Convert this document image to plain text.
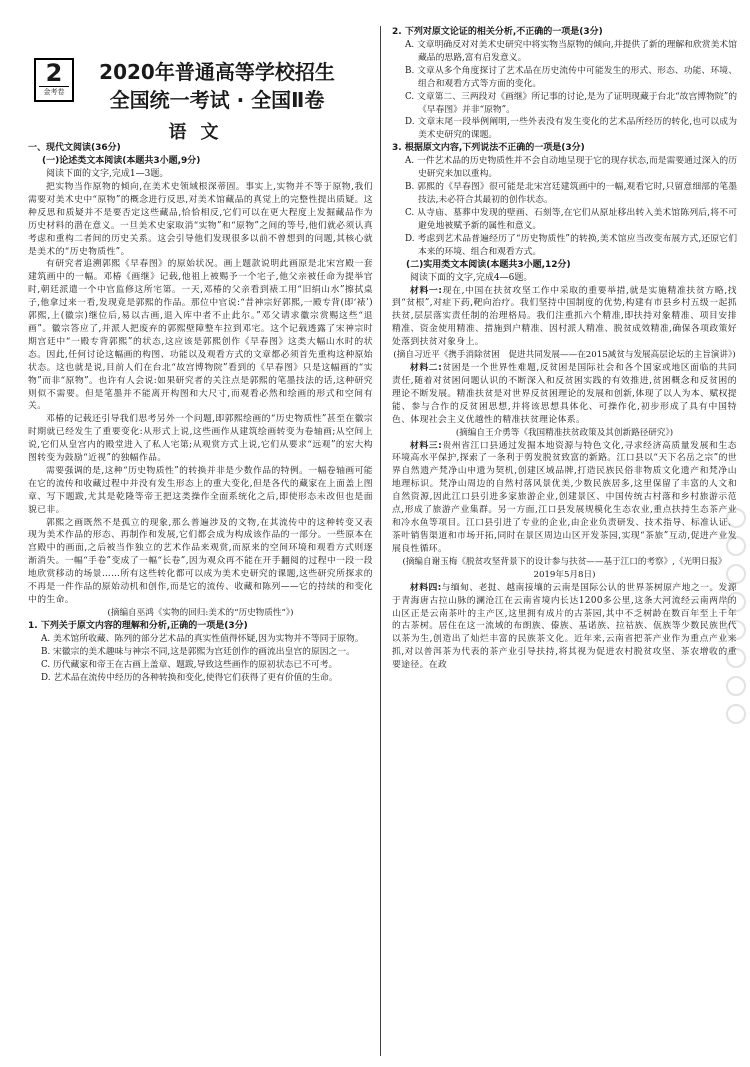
2
金考卷
2020年普通高等学校招生
全国统一考试 · 全国Ⅱ卷
语文
一、现代文阅读(36分)
(一)论述类文本阅读(本题共3小题,9分)
阅读下面的文字,完成1—3题。

把实物当作原物的倾向,在美术史领域根深蒂固。事实上,实物并不等于原物,我们需要对美术史中“原物”的概念进行反思,对美术馆藏品的真觉上的完整性提出质疑。这种反思和质疑并不是要否定这些藏品,恰恰相反,它们可以在更大程度上发掘藏品作为历史材料的潜在意义。一旦美术史家取消“实物”和“原物”之间的等号,他们就必须认真考虑和重构二者间的历史关系。这会引导他们发现很多以前不曾想到的问题,其核心就是美术的“历史物质性”。

有研究者追溯郭熙《早春图》的原始状况。画上题款说明此画原是北宋宫殿一套建筑画中的一幅。邓椿《画继》记载,他祖上被赐予一个宅子,他父亲被任命为提举官时,朝廷派遣一个中官监修这所宅第。一天,邓椿的父亲看到裱工用“旧绢山水”擦拭桌子,他拿过来一看,发现竟是郭熙的作品。那位中官说:“昔神宗好郭熙,一殿专背(即‘裱’)郭熙,上(徽宗)继位后,易以古画,退入库中者不止此尔。”邓父请求徽宗赏赐这些“退画”。徽宗答应了,并派人把废弃的郭熙壁障整车拉到邓宅。这个记载透露了宋神宗时期宫廷中“一殿专背郭熙”的状态,这应该是郭熙创作《早春图》这类大幅山水时的状态。因此,任何讨论这幅画的构图、功能以及观看方式的文章都必须首先重构这种原始状态。这也就是说,目前人们在台北“故宫博物院”看到的《早春图》只是这幅画的“实物”而非“原物”。也许有人会说:如果研究者的关注点是郭熙的笔墨技法的话,这种研究则似不需要。但是笔墨并不能离开构图和大尺寸,而观看必然和绘画的形式和空间有关。

邓椿的记载还引导我们思考另外一个问题,即郭熙绘画的“历史物质性”甚至在徽宗时期就已经发生了重要变化:从形式上说,这些画作从建筑绘画转变为卷轴画;从空间上说,它们从皇宫内的殿堂进入了私人宅第;从观赏方式上说,它们从要求“远观”的宏大构图转变为鼓励“近视”的独幅作品。

需要强调的是,这种“历史物质性”的转换并非是少数作品的特例。一幅卷轴画可能在它的流传和收藏过程中并没有发生形态上的重大变化,但是各代的藏家在上面盖上图章、写下题跋,尤其是乾隆等帝王把这类操作全面系统化之后,即使形态未改但也是面貌已非。

郭熙之画既然不是孤立的现象,那么普遍涉及的文物,在其流传中的这种转变又表现为美术作品的形态、再制作和发展,它们都会成为构成该作品的一部分。一些原本在宫殿中的画面,之后被当作独立的艺术作品来观赏,而原来的空间环境和观看方式则逐渐消失。一幅“手卷”变成了一幅“长卷”,因为观众再不能在开手翻阅的过程中一段一段地欣赏移动的场景……所有这些转化都可以成为美术史研究的课题,这些研究所探求的不再是一件作品的原始动机和创作,而是它的流传、收藏和陈列——它的持续的和变化中的生命。

(摘编自巫鸿《实物的回归:美术的“历史物质性”》)
1. 下列关于原文内容的理解和分析,正确的一项是(3分)
A. 美术馆所收藏、陈列的部分艺术品的真实性值得怀疑,因为实物并不等同于原物。
B. 宋徽宗的美术趣味与神宗不同,这是郭熙为宫廷创作的画流出皇宫的原因之一。
C. 历代藏家和帝王在古画上盖章、题跋,导致这些画作的原初状态已不可考。
D. 艺术品在流传中经历的各种转换和变化,使得它们获得了更有价值的生命。
2. 下列对原文论证的相关分析,不正确的一项是(3分)
A. 文章明确反对对美术史研究中将实物当原物的倾向,并提供了新的理解和欣赏美术馆藏品的思路,富有启发意义。
B. 文章从多个角度探讨了艺术品在历史流传中可能发生的形式、形态、功能、环境、组合和观看方式等方面的变化。
C. 文章第二、三两段对《画继》所记事的讨论,是为了证明现藏于台北“故宫博物院”的《早春图》并非“原物”。
D. 文章末尾一段举例阐明,一些外表没有发生变化的艺术品所经历的转化,也可以成为美术史研究的课题。
3. 根据原文内容,下列说法不正确的一项是(3分)
A. 一件艺术品的历史物质性并不会自动地呈现于它的现存状态,而是需要通过深入的历史研究来加以重构。
B. 郭熙的《早春图》很可能是北宋宫廷建筑画中的一幅,观看它时,只留意细部的笔墨技法,未必符合其最初的创作状态。
C. 从寺庙、墓葬中发现的壁画、石刻等,在它们从原址移出转入美术馆陈列后,将不可避免地被赋予新的属性和意义。
D. 考虑到艺术品普遍经历了“历史物质性”的转换,美术馆应当改变布展方式,还原它们本来的环境、组合和观看方式。
(二)实用类文本阅读(本题共3小题,12分)
阅读下面的文字,完成4—6题。

材料一:现在,中国在扶贫攻坚工作中采取的重要举措,就是实施精准扶贫方略,找到“贫根”,对症下药,靶向治疗。我们坚持中国制度的优势,构建有市县乡村五级一起抓扶贫,层层落实责任制的治理格局。我们注重抓六个精准,即扶持对象精准、项目安排精准、资金使用精准、措施到户精准、因村派人精准、脱贫成效精准,确保各项政策好处落到扶贫对象身上。

(摘自习近平《携手消除贫困　促进共同发展——在2015减贫与发展高层论坛的主旨演讲》)

材料二:贫困是一个世界性难题,反贫困是国际社会和各个国家或地区面临的共同责任,随着对贫困问题认识的不断深入和反贫困实践的有效推进,贫困概念和反贫困的理论不断发展。精准扶贫是对世界反贫困理论的发展和创新,体现了以人为本、赋权提能、参与合作的反贫困思想,并将该思想具体化、可操作化,初步形成了具有中国特色、体现社会主义优越性的精准扶贫理论体系。

(摘编自王介勇等《我国精准扶贫政策及其创新路径研究》)

材料三:贵州省江口县通过发掘本地资源与特色文化,寻求经济高质量发展和生态环境高水平保护,探索了一条利于剪发脱贫致富的新路。江口县以“天下名岳之宗”的世界自然遗产梵净山申遗为契机,创建区域品牌,打造民族民俗非物质文化遗产和梵净山地理标识。梵净山周边的自然村落风景优美,少数民族居多,这里保留了丰富的人文和自然资源,因此江口县引进多家旅游企业,创建景区、中国传统古村落和乡村旅游示范点,形成了旅游产业集群。另一方面,江口县发展规模化生态农业,重点扶持生态茶产业和冷水鱼等项目。江口县引进了专业的企业,由企业负责研发、技术指导、标准认证、茶叶销售渠道和市场开拓,同时在景区周边山区开发茶园,实现“茶旅”互动,促进产业发展良性循环。

(摘编自谢玉梅《脱贫攻坚背景下的设计参与扶贫——基于江口的考察》,《光明日报》2019年5月8日)

材料四:与缅甸、老挝、越南接壤的云南是国际公认的世界茶树原产地之一。发源于青海唐古拉山脉的澜沧江在云南省境内长达1200多公里,这条大河流经云南两岸的山区正是云南茶叶的主产区,这里拥有成片的古茶园,其中不乏树龄在数百年至上千年的古茶树。居住在这一流域的布朗族、傣族、基诺族、拉祜族、佤族等少数民族世代以茶为生,创造出了灿烂丰富的民族茶文化。近年来,云南省把茶产业作为重点产业来抓,对以普洱茶为代表的茶产业引导扶持,将其视为促进农村脱贫攻坚、茶农增收的重要途径。在政
